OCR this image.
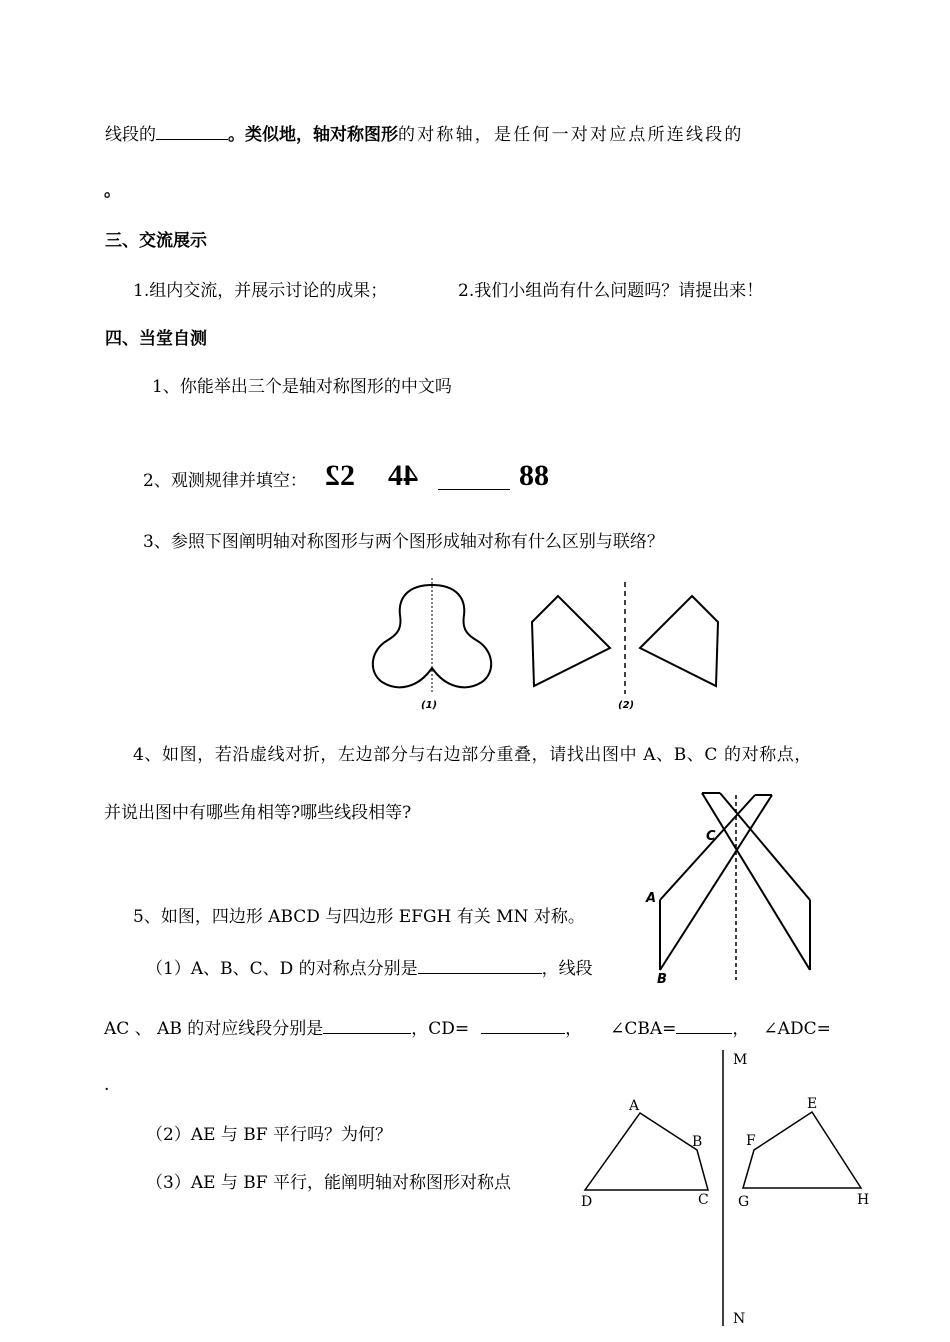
线段的	。类似地，轴对称图形的对称轴，是任何一对对应点所连线段的
。
三、交流展示
1.组内交流，并展示讨论的成果；	2.我们小组尚有什么问题吗？请提出来！
四、当堂自测
1、你能举出三个是轴对称图形的中文吗
2、观测规律并填空： 22 44	88
3、参照下图阐明轴对称图形与两个图形成轴对称有什么区别与联络？
(1)	(2)
4、如图，若沿虚线对折，左边部分与右边部分重叠，请找出图中 A、B、C 的对称点，
并说出图中有哪些角相等?哪些线段相等?
C
A
B
5、如图，四边形 ABCD 与四边形 EFGH 有关 MN 对称。
（1）A、B、C、D 的对称点分别是	，线段
AC 、 AB 的对应线段分别是	，CD=	， ∠CBA=	， ∠ADC=
.
（2）AE 与 BF 平行吗？为何？
（3）AE 与 BF 平行，能阐明轴对称图形对称点
M
N
A
B
C
D
E
F
G	H
